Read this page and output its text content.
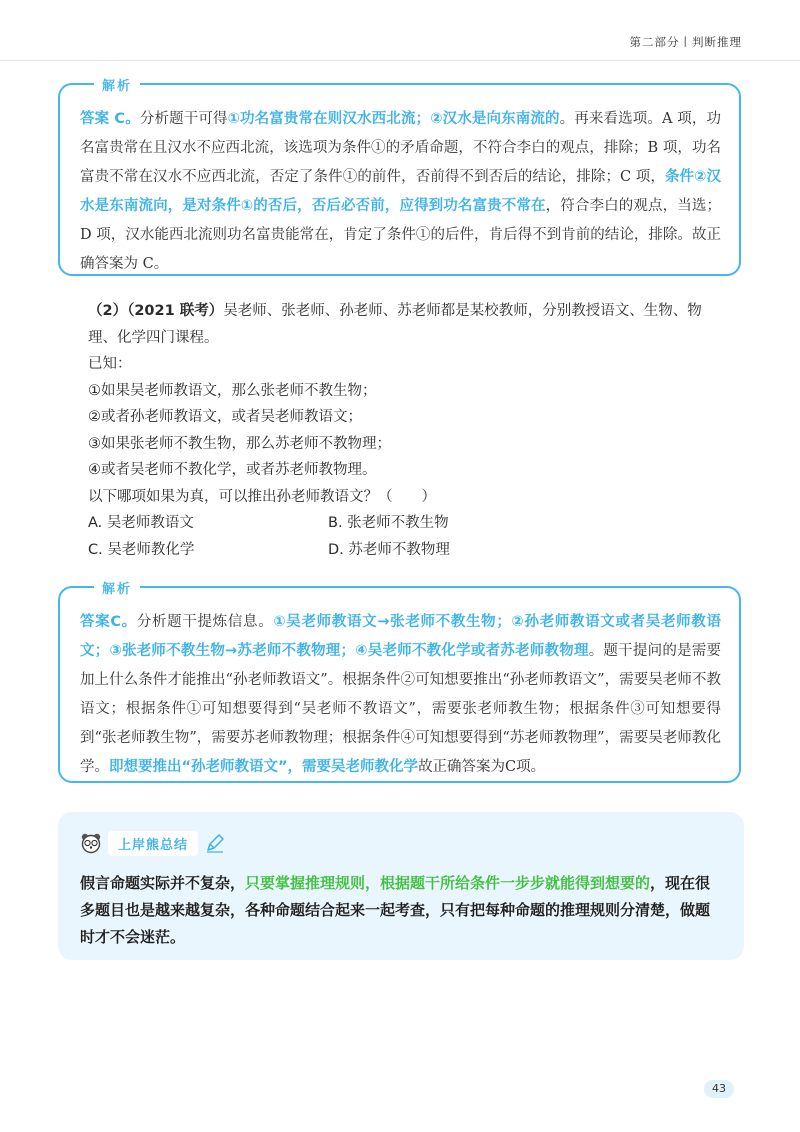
第二部分丨判断推理
解析
答案 C。分析题干可得①功名富贵常在则汉水西北流；②汉水是向东南流的。再来看选项。A 项，功名富贵常在且汉水不应西北流，该选项为条件①的矛盾命题，不符合李白的观点，排除；B 项，功名富贵不常在汉水不应西北流，否定了条件①的前件，否前得不到否后的结论，排除；C 项，条件②汉水是东南流向，是对条件①的否后，否后必否前，应得到功名富贵不常在，符合李白的观点，当选；D 项，汉水能西北流则功名富贵能常在，肯定了条件①的后件，肯后得不到肯前的结论，排除。故正确答案为 C。
（2）（2021 联考）吴老师、张老师、孙老师、苏老师都是某校教师，分别教授语文、生物、物理、化学四门课程。
已知：
①如果吴老师教语文，那么张老师不教生物；
②或者孙老师教语文，或者吴老师教语文；
③如果张老师不教生物，那么苏老师不教物理；
④或者吴老师不教化学，或者苏老师教物理。
以下哪项如果为真，可以推出孙老师教语文？（　　）
A. 吴老师教语文	B. 张老师不教生物
C. 吴老师教化学	D. 苏老师不教物理
解析
答案C。分析题干提炼信息。①吴老师教语文→张老师不教生物；②孙老师教语文或者吴老师教语文；③张老师不教生物→苏老师不教物理；④吴老师不教化学或者苏老师教物理。题干提问的是需要加上什么条件才能推出“孙老师教语文”。根据条件②可知想要推出“孙老师教语文”，需要吴老师不教语文；根据条件①可知想要得到“吴老师不教语文”，需要张老师教生物；根据条件③可知想要得到“张老师教生物”，需要苏老师教物理；根据条件④可知想要得到“苏老师教物理”，需要吴老师教化学。即想要推出“孙老师教语文”，需要吴老师教化学故正确答案为C项。
上岸熊总结
假言命题实际并不复杂，只要掌握推理规则，根据题干所给条件一步步就能得到想要的，现在很多题目也是越来越复杂，各种命题结合起来一起考查，只有把每种命题的推理规则分清楚，做题时才不会迷茫。
43
